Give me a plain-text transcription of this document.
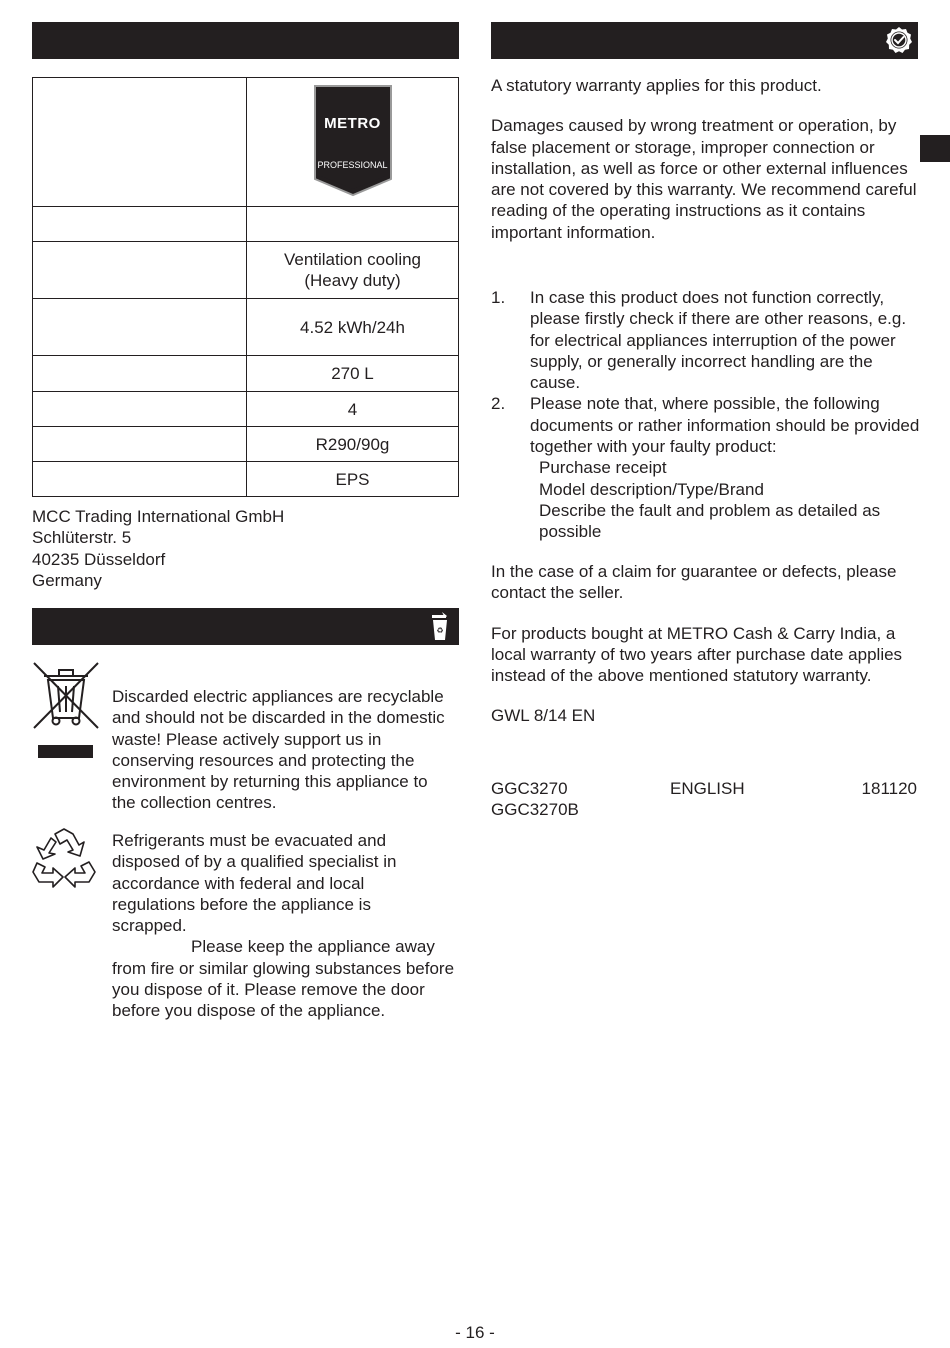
	METRO
PROFESSIONAL

	Ventilation cooling
(Heavy duty)
	4.52 kWh/24h
	270 L
	4
	R290/90g
	EPS
MCC Trading International GmbH
Schlüterstr. 5
40235 Düsseldorf
Germany
♻

Discarded electric appliances are recyclable and should not be discarded in the domestic waste! Please actively support us in conserving resources and protecting the environment by returning this appliance to the collection centres.

Refrigerants must be evacuated and disposed of by a qualified specialist in accordance with federal and local regulations before the appliance is scrapped.

Please keep the appliance away from fire or similar glowing substances before you dispose of it. Please remove the door before you dispose of the appliance.

A statutory warranty applies for this product.

Damages caused by wrong treatment or operation, by false placement or storage, improper connection or installation, as well as force or other external influences are not covered by this warranty. We recommend careful reading of the operating instructions as it contains important information.

1. In case this product does not function correctly, please firstly check if there are other reasons, e.g. for electrical appliances interruption of the power supply, or generally incorrect handling are the cause.
2. Please note that, where possible, the following documents or rather information should be provided together with your faulty product:
Purchase receipt
Model description/Type/Brand
Describe the fault and problem as detailed as possible

In the case of a claim for guarantee or defects, please contact the seller.

For products bought at METRO Cash & Carry India, a local warranty of two years after purchase date applies instead of the above mentioned statutory warranty.

GWL 8/14 EN

GGC3270
GGC3270B
ENGLISH	181120
- 16 -
